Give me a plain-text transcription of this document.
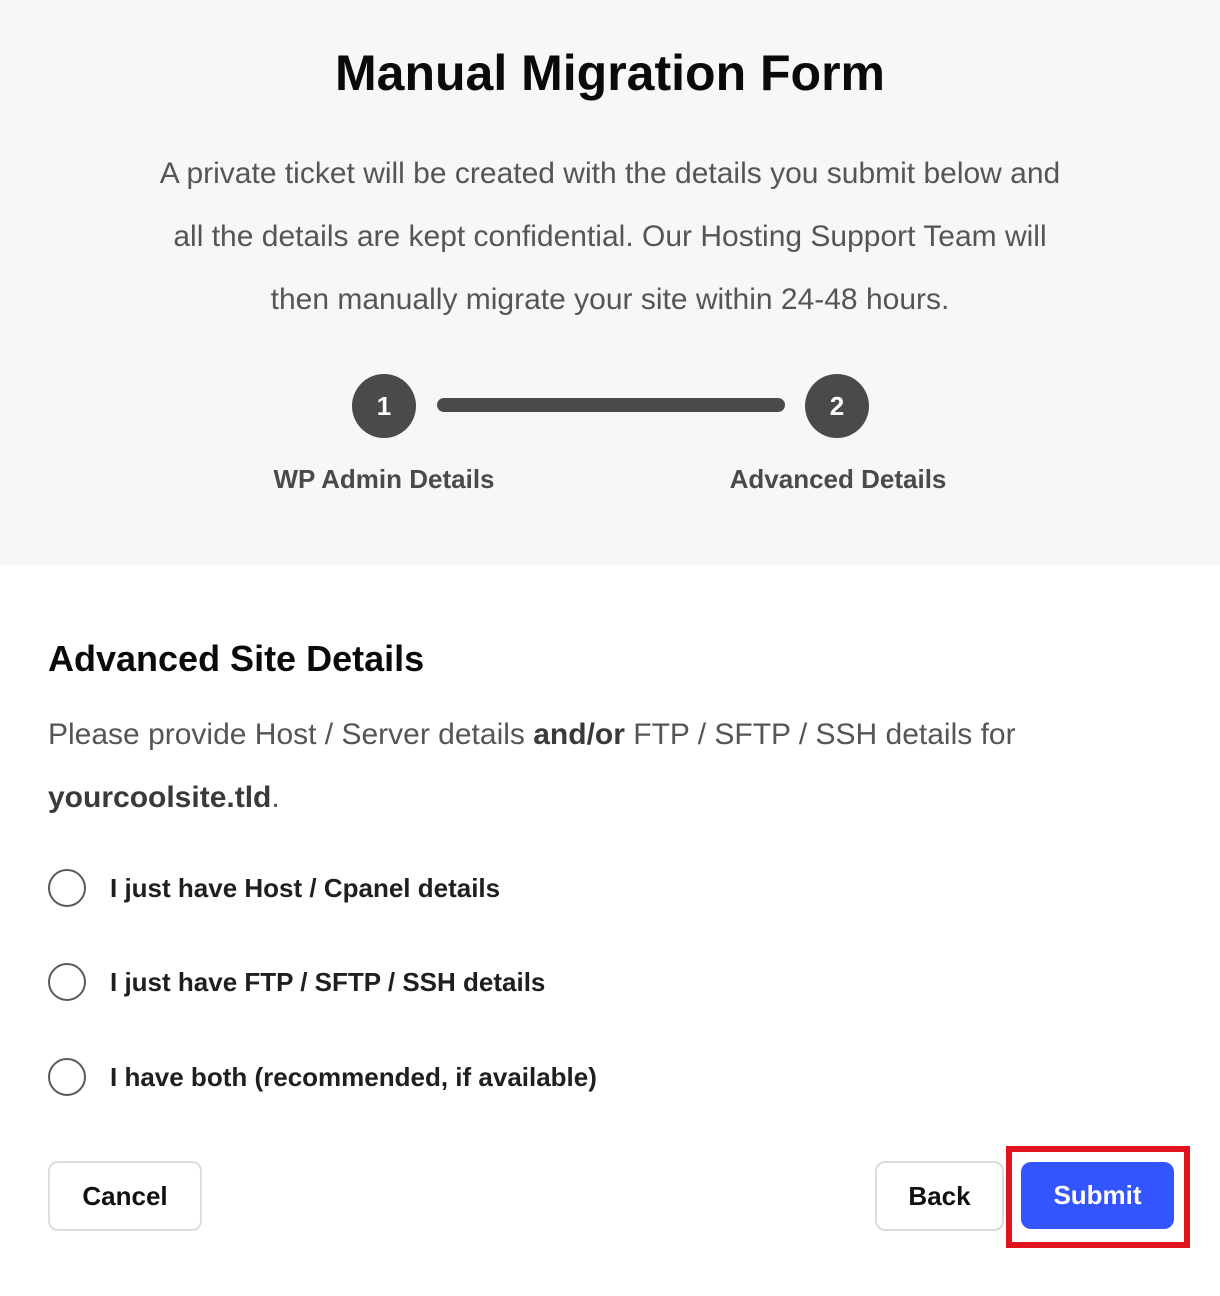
Manual Migration Form

A private ticket will be created with the details you submit below and
all the details are kept confidential. Our Hosting Support Team will
then manually migrate your site within 24-48 hours.

1	2
WP Admin Details	Advanced Details
Advanced Site Details

Please provide Host / Server details and/or FTP / SFTP / SSH details for
yourcoolsite.tld.

I just have Host / Cpanel details
I just have FTP / SFTP / SSH details
I have both (recommended, if available)
Cancel	Back	Submit
